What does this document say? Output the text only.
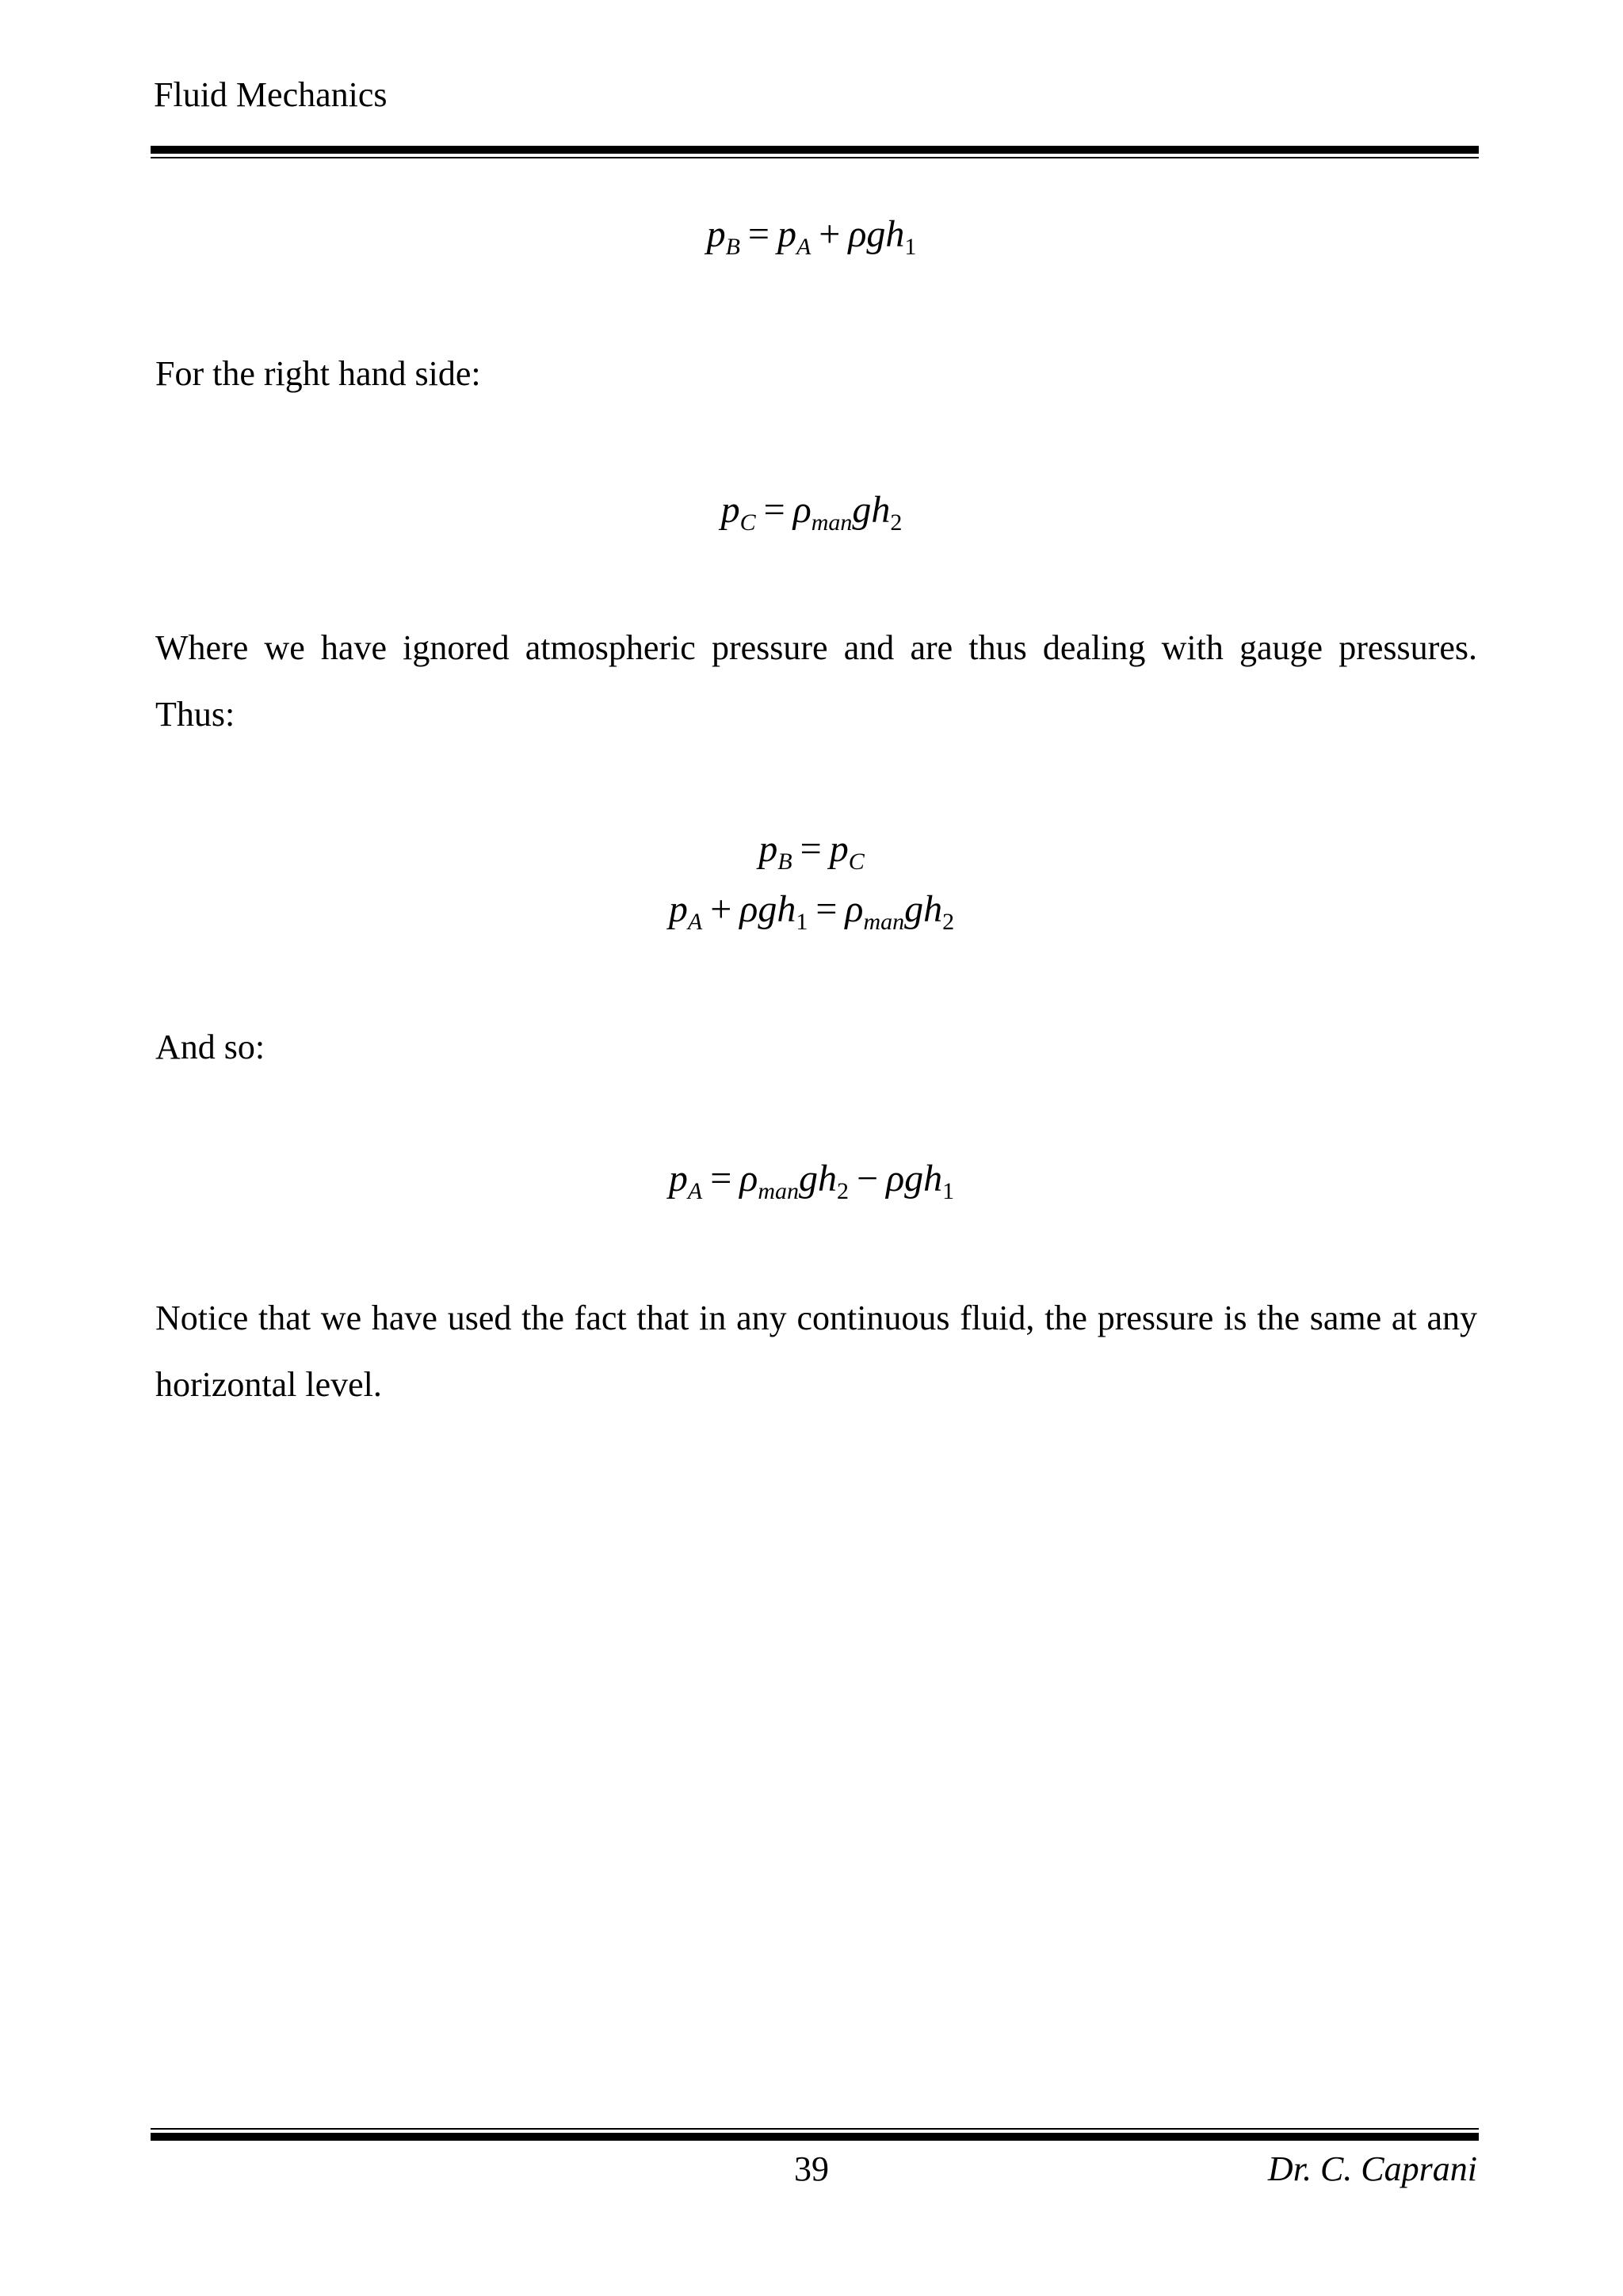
Fluid Mechanics
$p_B = p_A + \rho gh_1$
For the right hand side:
$p_C = \rho_{man}gh_2$
Where we have ignored atmospheric pressure and are thus dealing with gauge pressures. Thus:
$p_B = p_C$
$p_A + \rho gh_1 = \rho_{man}gh_2$
And so:
$p_A = \rho_{man}gh_2 - \rho gh_1$
Notice that we have used the fact that in any continuous fluid, the pressure is the same at any horizontal level.
39	Dr. C. Caprani
